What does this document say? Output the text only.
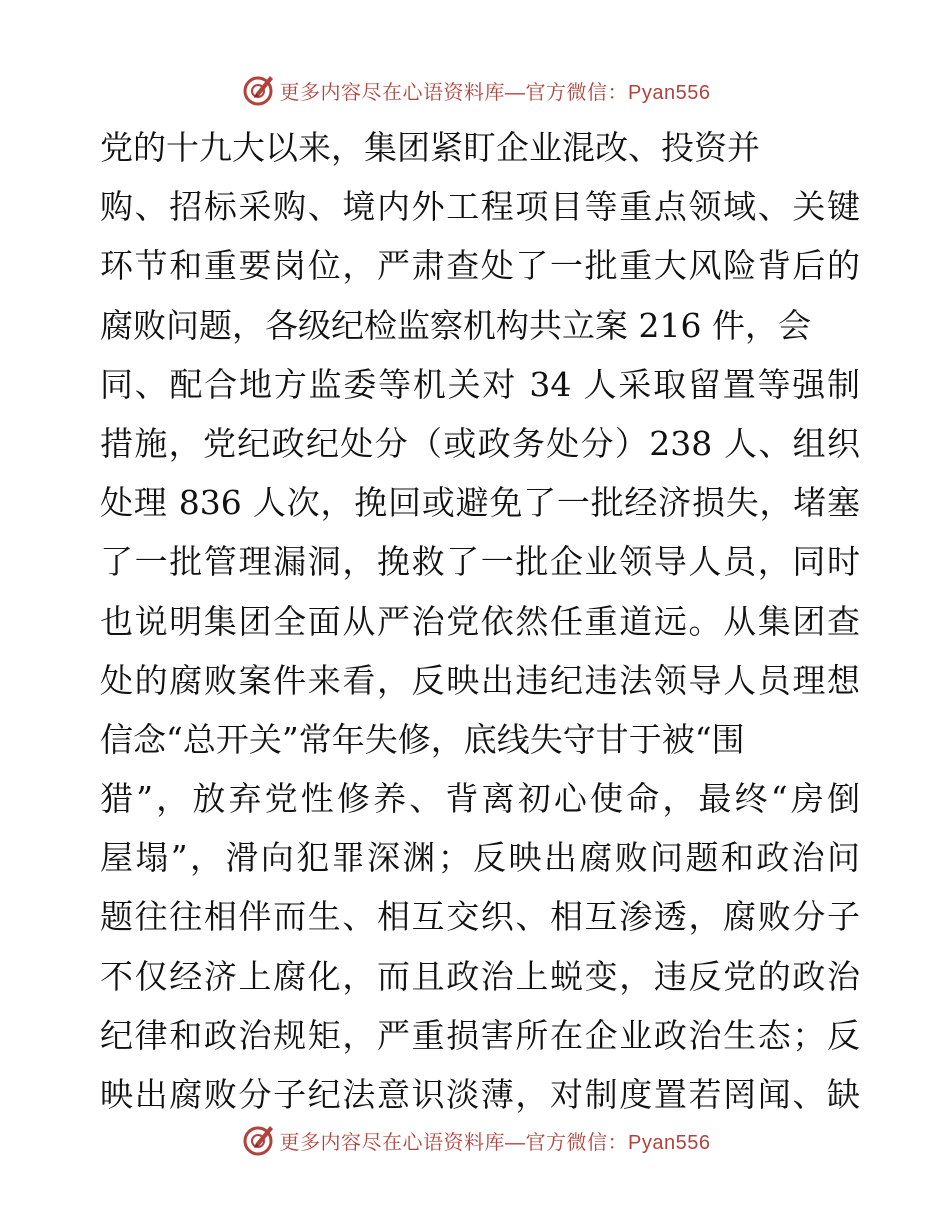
更多内容尽在心语资料库—官方微信：Pyan556
党的十九大以来，集团紧盯企业混改、投资并
购、招标采购、境内外工程项目等重点领域、关键
环节和重要岗位，严肃查处了一批重大风险背后的
腐败问题，各级纪检监察机构共立案 216 件，会
同、配合地方监委等机关对 34 人采取留置等强制
措施，党纪政纪处分（或政务处分）238 人、组织
处理 836 人次，挽回或避免了一批经济损失，堵塞
了一批管理漏洞，挽救了一批企业领导人员，同时
也说明集团全面从严治党依然任重道远。从集团查
处的腐败案件来看，反映出违纪违法领导人员理想
信念“总开关”常年失修，底线失守甘于被“围
猎”，放弃党性修养、背离初心使命，最终“房倒
屋塌”，滑向犯罪深渊；反映出腐败问题和政治问
题往往相伴而生、相互交织、相互渗透，腐败分子
不仅经济上腐化，而且政治上蜕变，违反党的政治
纪律和政治规矩，严重损害所在企业政治生态；反
映出腐败分子纪法意识淡薄，对制度置若罔闻、缺
更多内容尽在心语资料库—官方微信：Pyan556
